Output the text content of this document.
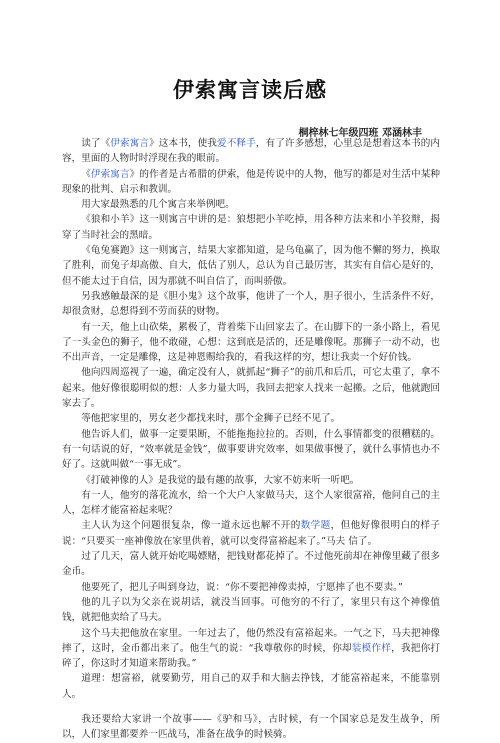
伊索寓言读后感
桐梓林七年级四班 邓涵林丰

读了《伊索寓言》这本书，使我爱不释手，有了许多感想，心里总是想着这本书的内容，里面的人物时时浮现在我的眼前。

《伊索寓言》的作者是古希腊的伊索，他是传说中的人物，他写的都是对生活中某种现象的批判、启示和教训。

用大家最熟悉的几个寓言来举例吧。

《狼和小羊》这一则寓言中讲的是：狼想把小羊吃掉，用各种方法来和小羊狡辩，揭穿了当时社会的黑暗。

《龟兔赛跑》这一则寓言，结果大家都知道，是乌龟赢了，因为他不懈的努力，换取了胜利，而兔子却高傲、自大，低估了别人，总认为自己最厉害，其实有自信心是好的，但不能太过于自信，因为那就不叫自信了，而叫骄傲。

另我感触最深的是《胆小鬼》这个故事，他讲了一个人，胆子很小，生活条件不好，却很贪财，总想得到不劳而获的财物。

有一天，他上山砍柴，累极了，背着柴下山回家去了。在山脚下的一条小路上，看见了一头金色的狮子，他不敢碰，心想：这到底是活的，还是雕像呢。那狮子一动不动，也不出声音，一定是雕像，这是神恩赐给我的，看我这样的穷，想让我卖一个好价钱。

他向四周巡视了一遍，确定没有人，就抓起“狮子”的前爪和后爪，可它太重了，拿不起来。他好像很聪明似的想：人多力量大吗，我回去把家人找来一起搬。之后，他就跑回家去了。

等他把家里的，男女老少都找来时，那个金狮子已经不见了。

他告诉人们，做事一定要果断，不能拖拖拉拉的。否则，什么事情都变的很糟糕的。有一句话说的好，“效率就是金钱”，做事要讲究效率，如果做事慢了，就什么事情也办不好了。这就叫做“一事无成”。

《打破神像的人》是我觉的最有趣的故事，大家不妨来听一听吧。

有一人，他穷的落花流水，给一个大户人家做马夫，这个人家很富裕，他问自己的主人，怎样才能富裕起来呢？

主人认为这个问题很复杂，像一道永远也解不开的数学题，但他好像很明白的样子说：“只要买一座神像放在家里供着，就可以变得富裕起来了。”马夫 信了。

过了几天，富人就开始吃喝嫖赌，把钱财都花掉了。不过他死前却在神像里藏了很多金币。

他要死了，把儿子叫到身边，说：“你不要把神像卖掉，宁愿摔了也不要卖。”

他的儿子以为父亲在说胡话，就没当回事。可他穷的不行了，家里只有这个神像值钱，就把他卖给了马夫。

这个马夫把他放在家里。一年过去了，他仍然没有富裕起来。一气之下，马夫把神像摔了，这时，金币都出来了。他生气的说：“我尊敬你的时候，你却装模作样，我把你打碎了，你这时才知道来帮助我。”

道理：想富裕，就要勤劳，用自己的双手和大脑去挣钱，才能富裕起来，不能靠别人。

我还要给大家讲一个故事——《驴和马》，古时候，有一个国家总是发生战争，所以，人们家里都要养一匹战马，准备在战争的时候骑。
